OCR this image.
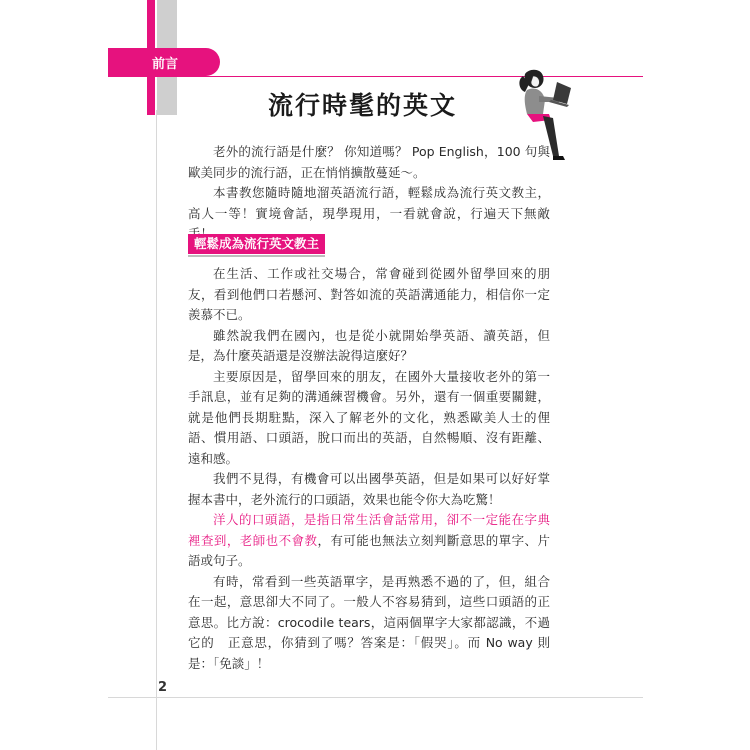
前言
流行時髦的英文

老外的流行語是什麼？ 你知道嗎？ Pop English，100 句與歐美同步的流行語，正在悄悄擴散蔓延～。

本書教您隨時隨地溜英語流行語，輕鬆成為流行英文教主，高人一等！實境會話，現學現用，一看就會說，行遍天下無敵

輕鬆成為流行英文教主

在生活、工作或社交場合，常會碰到從國外留學回來的朋友，看到他們口若懸河、對答如流的英語溝通能力，相信你一定羨慕不已。

雖然說我們在國內，也是從小就開始學英語、讀英語，但是，為什麼英語還是沒辦法說得這麼好？

主要原因是，留學回來的朋友，在國外大量接收老外的第一手訊息，並有足夠的溝通練習機會。另外，還有一個重要關鍵，就是他們長期駐點，深入了解老外的文化，熟悉歐美人士的俚語、慣用語、口頭語，脫口而出的英語，自然暢順、沒有距離、遠和感。

我們不見得，有機會可以出國學英語，但是如果可以好好掌握本書中，老外流行的口頭語，效果也能令你大為吃驚！

洋人的口頭語，是指日常生活會話常用，卻不一定能在字典裡查到，老師也不會教，有可能也無法立刻判斷意思的單字、片語或句子。

有時，常看到一些英語單字，是再熟悉不過的了，但，組合在一起，意思卻大不同了。一般人不容易猜到，這些口頭語的正意思。比方說：crocodile tears，這兩個單字大家都認識，不過它的　正意思，你猜到了嗎？答案是：「假哭」。而 No way 則是：「免談」！

2
